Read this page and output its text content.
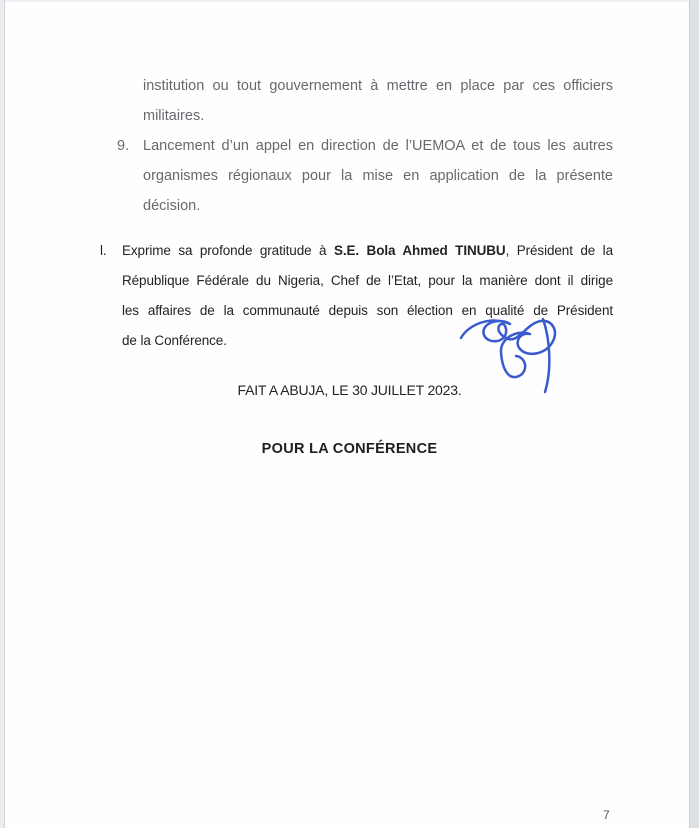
institution ou tout gouvernement à mettre en place par ces officiers
militaires.
9. Lancement d’un appel en direction de l’UEMOA et de tous les autres
organismes régionaux pour la mise en application de la présente
décision.
l. Exprime sa profonde gratitude à S.E. Bola Ahmed TINUBU, Président de la
République Fédérale du Nigeria, Chef de l’Etat, pour la manière dont il dirige
les affaires de la communauté depuis son élection en qualité de Président
de la Conférence.
FAIT A ABUJA, LE 30 JUILLET 2023.
POUR LA CONFÉRENCE
7
